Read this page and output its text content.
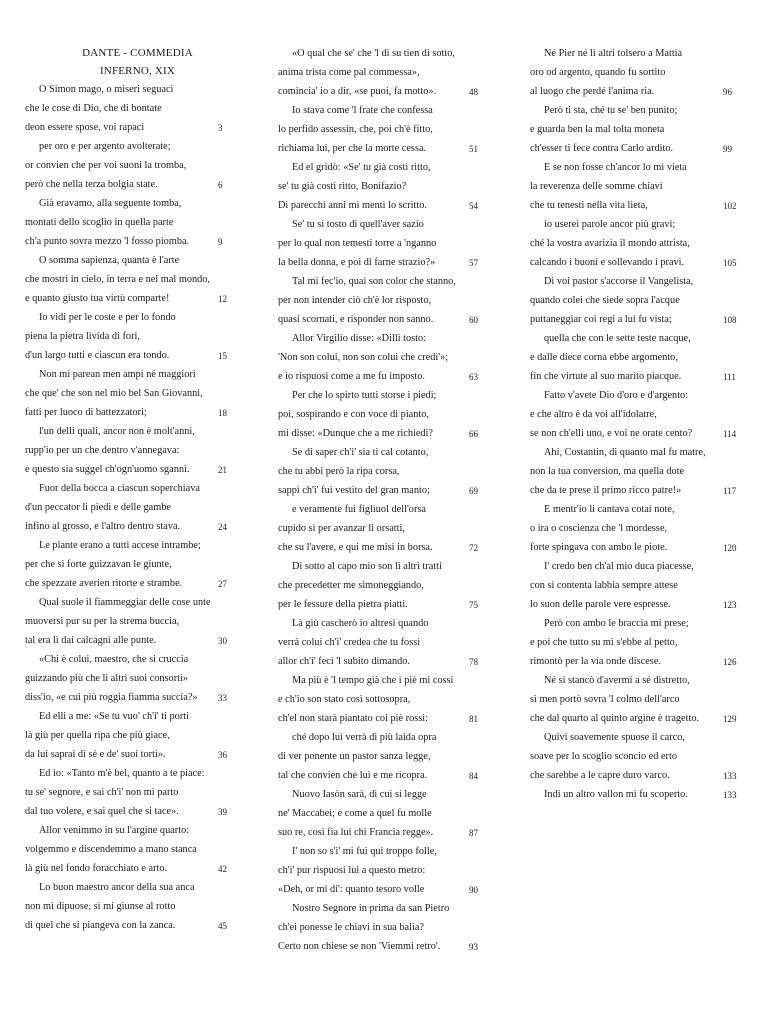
DANTE - COMMEDIA
INFERNO, XIX
O Simon mago, o miseri seguaci
che le cose di Dio, che di bontate
deon essere spose, voi rapaci	3
per oro e per argento avolterate;
or convien che per voi suoni la tromba,
però che nella terza bolgia state.	6
Già eravamo, alla seguente tomba,
montati dello scoglio in quella parte
ch'a punto sovra mezzo 'l fosso piomba.	9
O somma sapienza, quanta è l'arte
che mostri in cielo, in terra e nel mal mondo,
e quanto giusto tua virtù comparte!	12
Io vidi per le coste e per lo fondo
piena la pietra livida di fori,
d'un largo tutti e ciascun era tondo.	15
Non mi parean men ampi né maggiori
che que' che son nel mio bel San Giovanni,
fatti per luoco di battezzatori;	18
l'un delli quali, ancor non è molt'anni,
rupp'io per un che dentro v'annegava:
e questo sia suggel ch'ogn'uomo sganni.	21
Fuor della bocca a ciascun soperchiava
d'un peccator li piedi e delle gambe
infino al grosso, e l'altro dentro stava.	24
Le piante erano a tutti accese intrambe;
per che sì forte guizzavan le giunte,
che spezzate averien ritorte e strambe.	27
Qual suole il fiammeggiar delle cose unte
muoversi pur su per la strema buccia,
tal era lì dai calcagni alle punte.	30
«Chi è colui, maestro, che si cruccia
guizzando più che li altri suoi consorti»
diss'io, «e cui più roggia fiamma succia?»	33
Ed elli a me: «Se tu vuo' ch'i' ti porti
là giù per quella ripa che più giace,
da lui saprai di sé e de' suoi torti».	36
Ed io: «Tanto m'è bel, quanto a te piace:
tu se' segnore, e sai ch'i' non mi parto
dal tuo volere, e sai quel che si tace».	39
Allor venimmo in su l'argine quarto:
volgemmo e discendemmo a mano stanca
là giù nel fondo foracchiato e arto.	42
Lo buon maestro ancor della sua anca
non mi dipuose, sì mi giunse al rotto
di quel che si piangeva con la zanca.	45
«O qual che se' che 'l di su tien di sotto,
anima trista come pal commessa»,
comincia' io a dir, «se puoi, fa motto».	48
Io stava come 'l frate che confessa
lo perfido assessin, che, poi ch'è fitto,
richiama lui, per che la morte cessa.	51
Ed el gridò: «Se' tu già costì ritto,
se' tu già costì ritto, Bonifazio?
Di parecchi anni mi mentì lo scritto.	54
Se' tu sì tosto di quell'aver sazio
per lo qual non temesti torre a 'nganno
la bella donna, e poi di farne strazio?»	57
Tal mi fec'io, quai son color che stanno,
per non intender ciò ch'è lor risposto,
quasi scornati, e risponder non sanno.	60
Allor Virgilio disse: «Dilli tosto:
'Non son colui, non son colui che credi'»;
e io rispuosi come a me fu imposto.	63
Per che lo spirto tutti storse i piedi;
poi, sospirando e con voce di pianto,
mi disse: «Dunque che a me richiedi?	66
Se di saper ch'i' sia ti cal cotanto,
che tu abbi però la ripa corsa,
sappi ch'i' fui vestito del gran manto;	69
e veramente fui figliuol dell'orsa
cupido sì per avanzar li orsatti,
che su l'avere, e qui me misi in borsa.	72
Di sotto al capo mio son li altri tratti
che precedetter me simoneggiando,
per le fessure della pietra piatti.	75
Là giù cascherò io altresì quando
verrà colui ch'i' credea che tu fossi
allor ch'i' feci 'l subito dimando.	78
Ma più è 'l tempo già che i piè mi cossi
e ch'io son stato così sottosopra,
ch'el non starà piantato coi piè rossi:	81
ché dopo lui verrà di più laida opra
di ver ponente un pastor sanza legge,
tal che convien che lui e me ricopra.	84
Nuovo Iasòn sarà, di cui si legge
ne' Maccabei; e come a quel fu molle
suo re, così fia lui chi Francia regge».	87
I' non so s'i' mi fui qui troppo folle,
ch'i' pur rispuosi lui a questo metro:
«Deh, or mi di': quanto tesoro volle	90
Nostro Segnore in prima da san Pietro
ch'ei ponesse le chiavi in sua balìa?
Certo non chiese se non 'Viemmi retro'.	93
Né Pier né li altri tolsero a Mattia
oro od argento, quando fu sortito
al luogo che perdé l'anima ria.	96
Però ti sta, ché tu se' ben punito;
e guarda ben la mal tolta moneta
ch'esser ti fece contra Carlo ardito.	99
E se non fosse ch'ancor lo mi vieta
la reverenza delle somme chiavi
che tu tenesti nella vita lieta,	102
io userei parole ancor più gravi;
ché la vostra avarizia il mondo attrista,
calcando i buoni e sollevando i pravi.	105
Di voi pastor s'accorse il Vangelista,
quando colei che siede sopra l'acque
puttaneggiar coi regi a lui fu vista;	108
quella che con le sette teste nacque,
e dalle diece corna ebbe argomento,
fin che virtute al suo marito piacque.	111
Fatto v'avete Dio d'oro e d'argento:
e che altro è da voi all'idolatre,
se non ch'elli uno, e voi ne orate cento?	114
Ahi, Costantin, di quanto mal fu matre,
non la tua conversion, ma quella dote
che da te prese il primo ricco patre!»	117
E mentr'io li cantava cotai note,
o ira o coscienza che 'l mordesse,
forte spingava con ambo le piote.	120
I' credo ben ch'al mio duca piacesse,
con sì contenta labbia sempre attese
lo suon delle parole vere espresse.	123
Però con ambo le braccia mi prese;
e poi che tutto su mi s'ebbe al petto,
rimontò per la via onde discese.	126
Né si stancò d'avermi a sé distretto,
sì men portò sovra 'l colmo dell'arco
che dal quarto al quinto argine è tragetto.	129
Quivi soavemente spuose il carco,
soave per lo scoglio sconcio ed erto
che sarebbe a le capre duro varco.	133
Indi un altro vallon mi fu scoperto.	133
